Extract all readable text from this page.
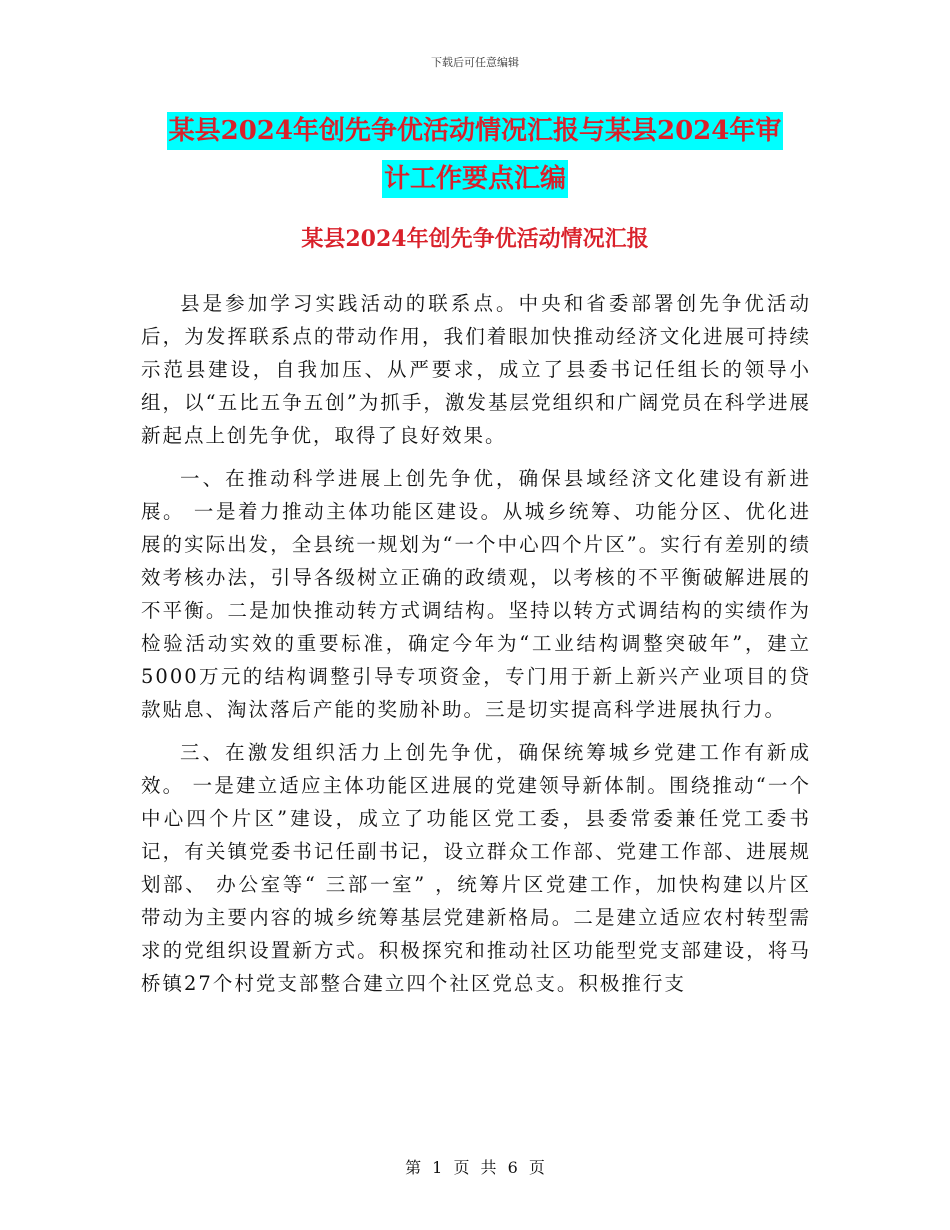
下载后可任意编辑
某县2024年创先争优活动情况汇报与某县2024年审
计工作要点汇编
某县2024年创先争优活动情况汇报

县是参加学习实践活动的联系点。中央和省委部署创先争优活动后，为发挥联系点的带动作用，我们着眼加快推动经济文化进展可持续示范县建设，自我加压、从严要求，成立了县委书记任组长的领导小组，以“五比五争五创”为抓手，激发基层党组织和广阔党员在科学进展新起点上创先争优，取得了良好效果。

一、在推动科学进展上创先争优，确保县域经济文化建设有新进展。 一是着力推动主体功能区建设。从城乡统筹、功能分区、优化进展的实际出发，全县统一规划为“一个中心四个片区”。实行有差别的绩效考核办法，引导各级树立正确的政绩观，以考核的不平衡破解进展的不平衡。二是加快推动转方式调结构。坚持以转方式调结构的实绩作为检验活动实效的重要标准，确定今年为“工业结构调整突破年”，建立 5000万元的结构调整引导专项资金，专门用于新上新兴产业项目的贷款贴息、淘汰落后产能的奖励补助。三是切实提高科学进展执行力。

三、在激发组织活力上创先争优，确保统筹城乡党建工作有新成效。 一是建立适应主体功能区进展的党建领导新体制。围绕推动“一个中心四个片区”建设，成立了功能区党工委，县委常委兼任党工委书记，有关镇党委书记任副书记，设立群众工作部、党建工作部、进展规划部、 办公室等“ 三部一室” ，统筹片区党建工作，加快构建以片区带动为主要内容的城乡统筹基层党建新格局。二是建立适应农村转型需求的党组织设置新方式。积极探究和推动社区功能型党支部建设，将马桥镇27个村党支部整合建立四个社区党总支。积极推行支

第 1 页 共 6 页
